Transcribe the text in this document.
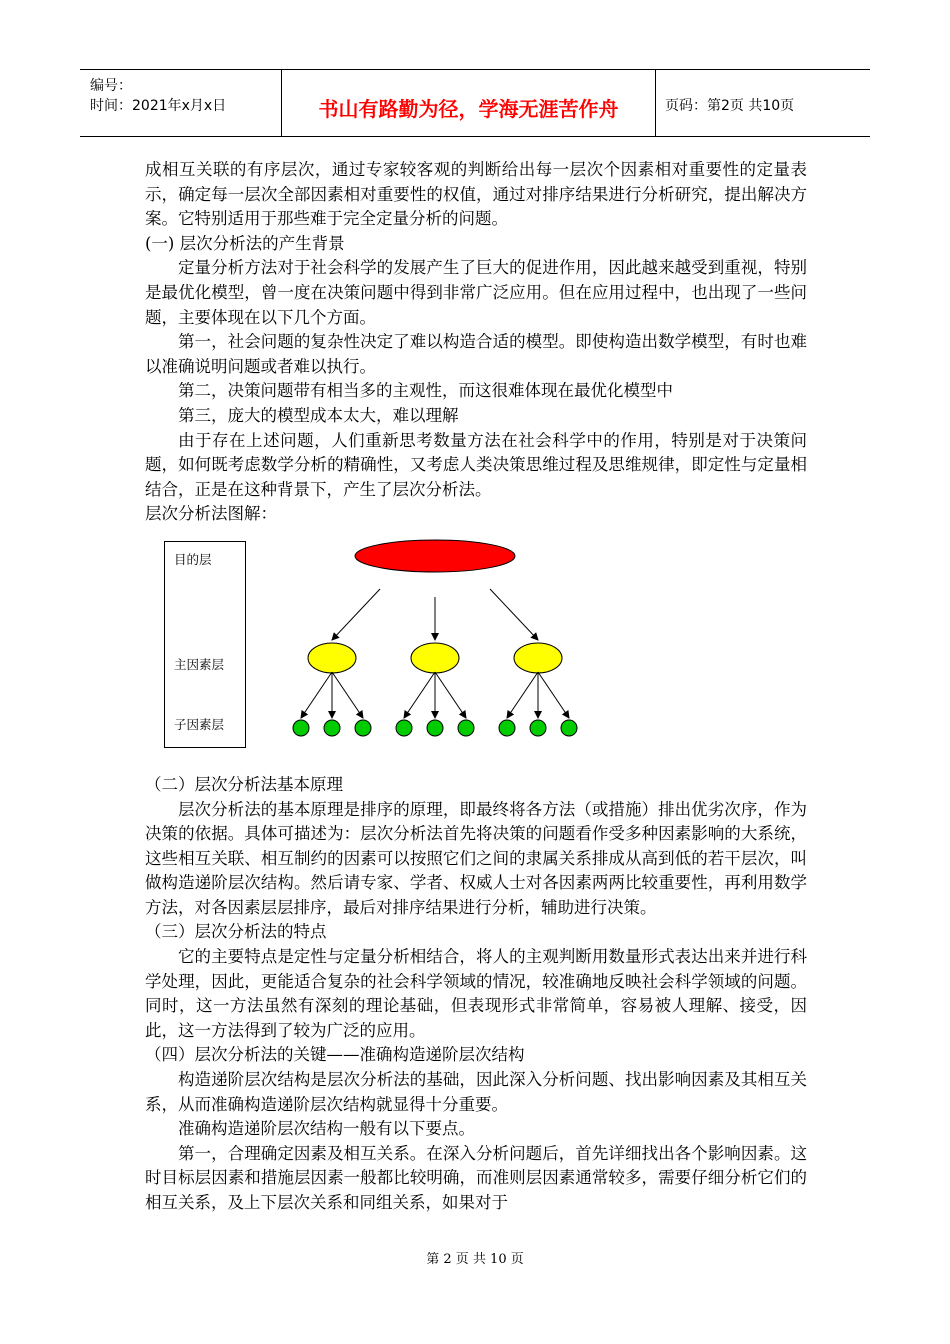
编号：
时间：2021年x月x日	书山有路勤为径，学海无涯苦作舟	页码：第2页 共10页

成相互关联的有序层次，通过专家较客观的判断给出每一层次个因素相对重要性的定量表示，确定每一层次全部因素相对重要性的权值，通过对排序结果进行分析研究，提出解决方案。它特别适用于那些难于完全定量分析的问题。

(一) 层次分析法的产生背景

定量分析方法对于社会科学的发展产生了巨大的促进作用，因此越来越受到重视，特别是最优化模型，曾一度在决策问题中得到非常广泛应用。但在应用过程中，也出现了一些问题，主要体现在以下几个方面。

第一，社会问题的复杂性决定了难以构造合适的模型。即使构造出数学模型，有时也难以准确说明问题或者难以执行。

第二，决策问题带有相当多的主观性，而这很难体现在最优化模型中

第三，庞大的模型成本太大，难以理解

由于存在上述问题，人们重新思考数量方法在社会科学中的作用，特别是对于决策问题，如何既考虑数学分析的精确性，又考虑人类决策思维过程及思维规律，即定性与定量相结合，正是在这种背景下，产生了层次分析法。

层次分析法图解：

（二）层次分析法基本原理

层次分析法的基本原理是排序的原理，即最终将各方法（或措施）排出优劣次序，作为决策的依据。具体可描述为：层次分析法首先将决策的问题看作受多种因素影响的大系统，这些相互关联、相互制约的因素可以按照它们之间的隶属关系排成从高到低的若干层次，叫做构造递阶层次结构。然后请专家、学者、权威人士对各因素两两比较重要性，再利用数学方法，对各因素层层排序，最后对排序结果进行分析，辅助进行决策。

（三）层次分析法的特点

它的主要特点是定性与定量分析相结合，将人的主观判断用数量形式表达出来并进行科学处理，因此，更能适合复杂的社会科学领域的情况，较准确地反映社会科学领域的问题。同时，这一方法虽然有深刻的理论基础，但表现形式非常简单，容易被人理解、接受，因此，这一方法得到了较为广泛的应用。

（四）层次分析法的关键——准确构造递阶层次结构

构造递阶层次结构是层次分析法的基础，因此深入分析问题、找出影响因素及其相互关系，从而准确构造递阶层次结构就显得十分重要。

准确构造递阶层次结构一般有以下要点。

第一，合理确定因素及相互关系。在深入分析问题后，首先详细找出各个影响因素。这时目标层因素和措施层因素一般都比较明确，而准则层因素通常较多，需要仔细分析它们的相互关系，及上下层次关系和同组关系，如果对于

目的层
主因素层
子因素层
第 2 页 共 10 页
